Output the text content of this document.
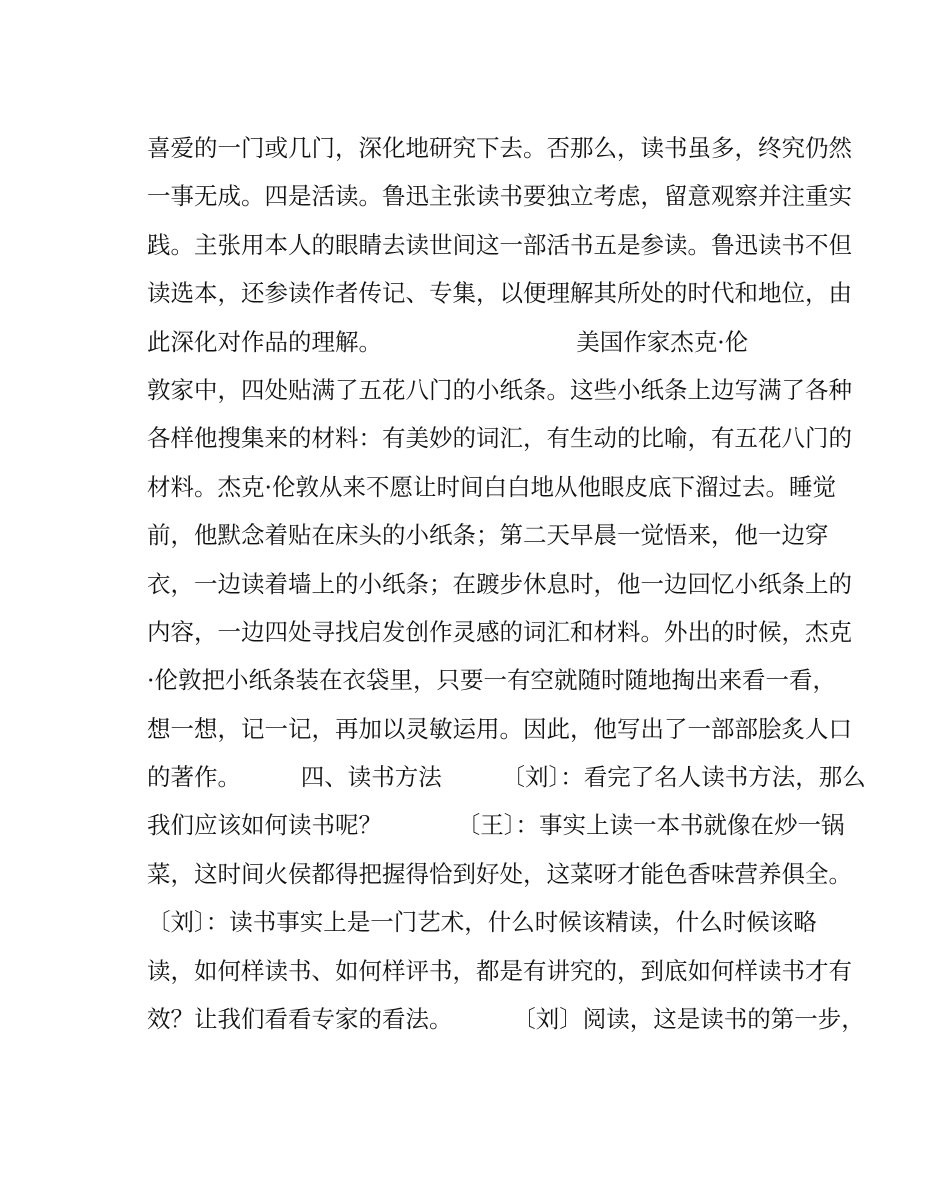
喜爱的一门或几门，深化地研究下去。否那么，读书虽多，终究仍然
一事无成。四是活读。鲁迅主张读书要独立考虑，留意观察并注重实
践。主张用本人的眼睛去读世间这一部活书五是参读。鲁迅读书不但
读选本，还参读作者传记、专集，以便理解其所处的时代和地位，由
此深化对作品的理解。                          美国作家杰克·伦
敦家中，四处贴满了五花八门的小纸条。这些小纸条上边写满了各种
各样他搜集来的材料：有美妙的词汇，有生动的比喻，有五花八门的
材料。杰克·伦敦从来不愿让时间白白地从他眼皮底下溜过去。睡觉
前，他默念着贴在床头的小纸条；第二天早晨一觉悟来，他一边穿
衣，一边读着墙上的小纸条；在踱步休息时，他一边回忆小纸条上的
内容，一边四处寻找启发创作灵感的词汇和材料。外出的时候，杰克
·伦敦把小纸条装在衣袋里，只要一有空就随时随地掏出来看一看，
想一想，记一记，再加以灵敏运用。因此，他写出了一部部脍炙人口
的著作。        四、读书方法        〔刘〕：看完了名人读书方法，那么
我们应该如何读书呢？          〔王〕：事实上读一本书就像在炒一锅
菜，这时间火侯都得把握得恰到好处，这菜呀才能色香味营养俱全。
〔刘〕：读书事实上是一门艺术，什么时候该精读，什么时候该略
读，如何样读书、如何样评书，都是有讲究的，到底如何样读书才有
效？让我们看看专家的看法。        〔刘〕阅读，这是读书的第一步，
